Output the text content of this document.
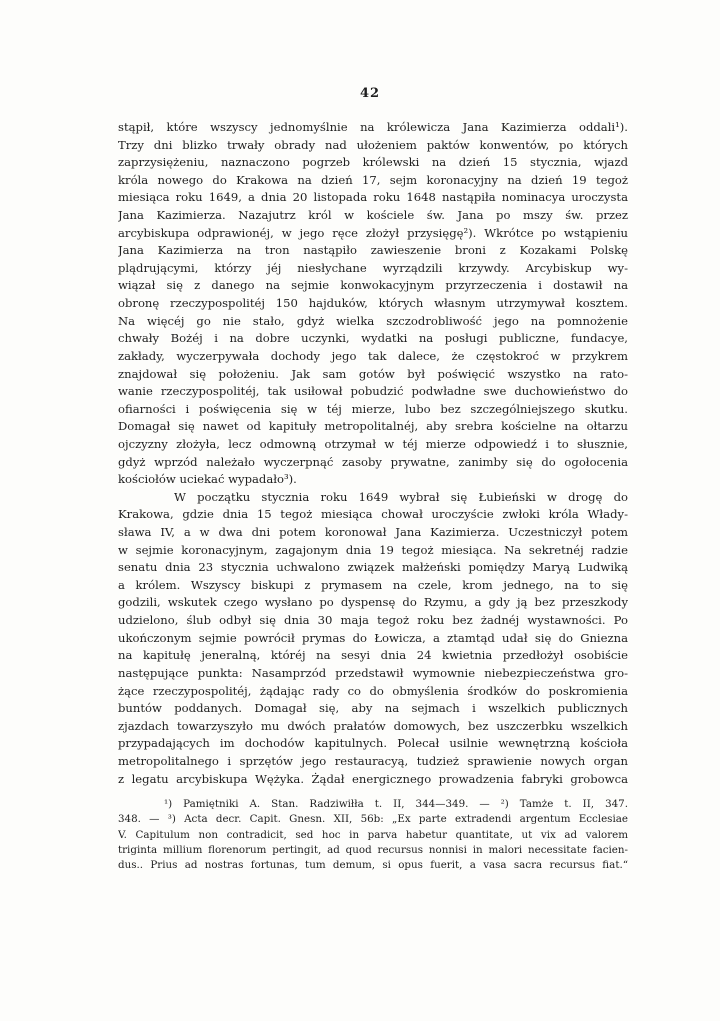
42
stąpił, które wszyscy jednomyślnie na królewicza Jana Kazimierza oddali¹).
Trzy dni blizko trwały obrady nad ułożeniem paktów konwentów, po których
zaprzysiężeniu, naznaczono pogrzeb królewski na dzień 15 stycznia, wjazd
króla nowego do Krakowa na dzień 17, sejm koronacyjny na dzień 19 tegoż
miesiąca roku 1649, a dnia 20 listopada roku 1648 nastąpiła nominacya uroczysta
Jana Kazimierza. Nazajutrz król w kościele św. Jana po mszy św. przez
arcybiskupa odprawionéj, w jego ręce złożył przysięgę²). Wkrótce po wstąpieniu
Jana Kazimierza na tron nastąpiło zawieszenie broni z Kozakami Polskę
plądrującymi, którzy jéj niesłychane wyrządzili krzywdy. Arcybiskup wy-
wiązał się z danego na sejmie konwokacyjnym przyrzeczenia i dostawił na
obronę rzeczypospolitéj 150 hajduków, których własnym utrzymywał kosztem.
Na więcéj go nie stało, gdyż wielka szczodrobliwość jego na pomnożenie
chwały Bożéj i na dobre uczynki, wydatki na posługi publiczne, fundacye,
zakłady, wyczerpywała dochody jego tak dalece, że częstokroć w przykrem
znajdował się położeniu. Jak sam gotów był poświęcić wszystko na rato-
wanie rzeczypospolitéj, tak usiłował pobudzić podwładne swe duchowieństwo do
ofiarności i poświęcenia się w téj mierze, lubo bez szczególniejszego skutku.
Domagał się nawet od kapituły metropolitalnéj, aby srebra kościelne na ołtarzu
ojczyzny złożyła, lecz odmowną otrzymał w téj mierze odpowiedź i to słusznie,
gdyż wprzód należało wyczerpnąć zasoby prywatne, zanimby się do ogołocenia
kościołów uciekać wypadało³).
W początku stycznia roku 1649 wybrał się Łubieński w drogę do
Krakowa, gdzie dnia 15 tegoż miesiąca chował uroczyście zwłoki króla Włady-
sława IV, a w dwa dni potem koronował Jana Kazimierza. Uczestniczył potem
w sejmie koronacyjnym, zagajonym dnia 19 tegoż miesiąca. Na sekretnéj radzie
senatu dnia 23 stycznia uchwalono związek małżeński pomiędzy Maryą Ludwiką
a królem. Wszyscy biskupi z prymasem na czele, krom jednego, na to się
godzili, wskutek czego wysłano po dyspensę do Rzymu, a gdy ją bez przeszkody
udzielono, ślub odbył się dnia 30 maja tegoż roku bez żadnéj wystawności. Po
ukończonym sejmie powrócił prymas do Łowicza, a ztamtąd udał się do Gniezna
na kapitułę jeneralną, któréj na sesyi dnia 24 kwietnia przedłożył osobiście
następujące punkta: Nasamprzód przedstawił wymownie niebezpieczeństwa gro-
żące rzeczypospolitéj, żądając rady co do obmyślenia środków do poskromienia
buntów poddanych. Domagał się, aby na sejmach i wszelkich publicznych
zjazdach towarzyszyło mu dwóch prałatów domowych, bez uszczerbku wszelkich
przypadających im dochodów kapitulnych. Polecał usilnie wewnętrzną kościoła
metropolitalnego i sprzętów jego restauracyą, tudzież sprawienie nowych organ
z legatu arcybiskupa Wężyka. Żądał energicznego prowadzenia fabryki grobowca
¹) Pamiętniki A. Stan. Radziwiłła t. II, 344—349. — ²) Tamże t. II, 347.
348. — ³) Acta decr. Capit. Gnesn. XII, 56b: „Ex parte extradendi argentum Ecclesiae
V. Capitulum non contradicit, sed hoc in parva habetur quantitate, ut vix ad valorem
triginta millium florenorum pertingit, ad quod recursus nonnisi in malori necessitate facien-
dus.. Prius ad nostras fortunas, tum demum, si opus fuerit, a vasa sacra recursus fiat.“
